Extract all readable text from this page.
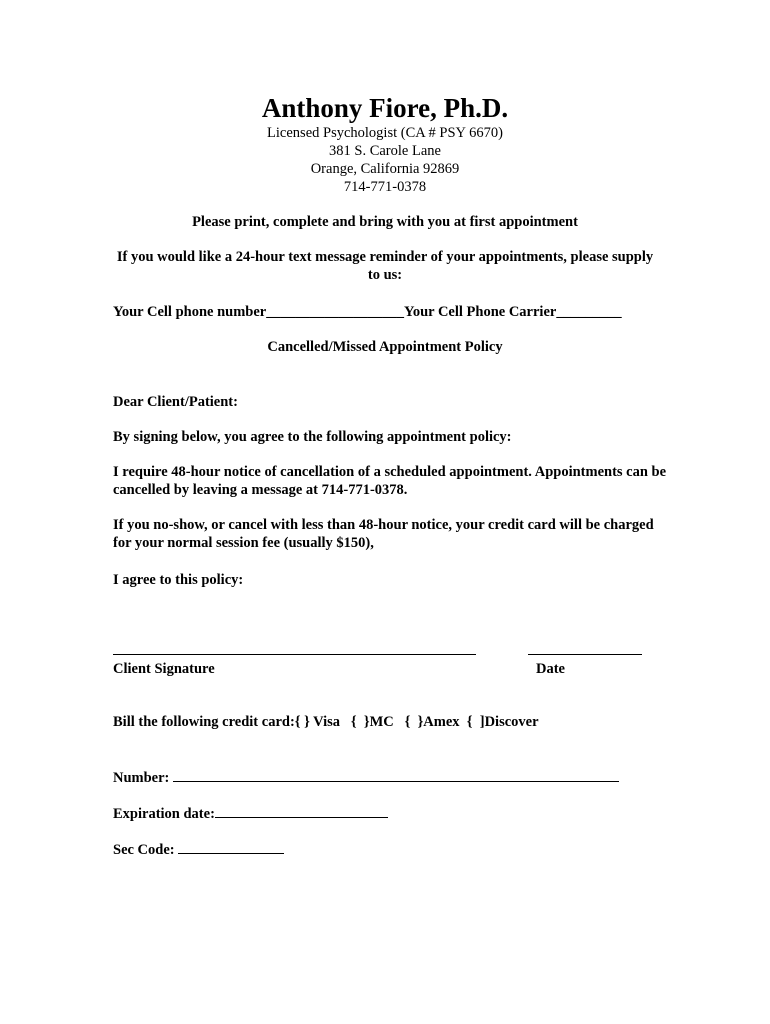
Anthony Fiore, Ph.D.
Licensed Psychologist (CA # PSY 6670)
381 S. Carole Lane
Orange, California 92869
714-771-0378
Please print, complete and bring with you at first appointment
If you would like a 24-hour text message reminder of your appointments, please supply to us:
Your Cell phone number___________________Your Cell Phone Carrier_________
Cancelled/Missed Appointment Policy
Dear Client/Patient:
By signing below, you agree to the following appointment policy:
I require 48-hour notice of cancellation of a scheduled appointment. Appointments can be cancelled by leaving a message at 714-771-0378.
If you no-show, or cancel with less than 48-hour notice, your credit card will be charged for your normal session fee (usually $150),
I agree to this policy:
Client Signature	Date
Bill the following credit card:{ } Visa   {  }MC   {  }Amex  {  ]Discover
Number:
Expiration date:
Sec Code:
